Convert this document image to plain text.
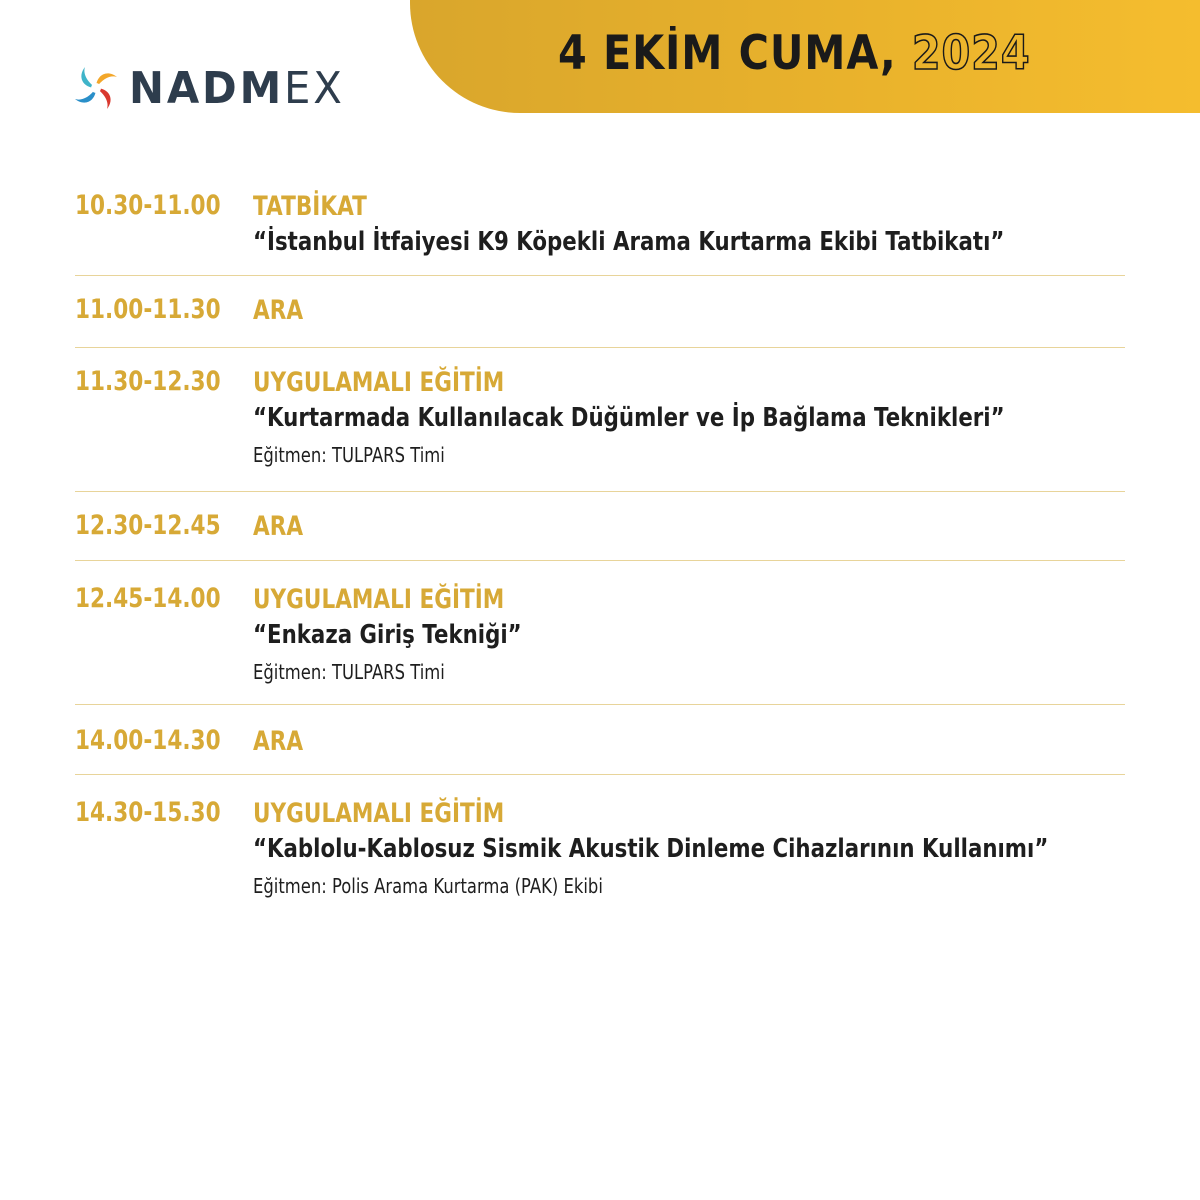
NADMEX
4 EKİM CUMA, 2024
10.30-11.00 TATBİKAT
“İstanbul İtfaiyesi K9 Köpekli Arama Kurtarma Ekibi Tatbikatı”
11.00-11.30 ARA
11.30-12.30 UYGULAMALI EĞİTİM
“Kurtarmada Kullanılacak Düğümler ve İp Bağlama Teknikleri”
Eğitmen: TULPARS Timi
12.30-12.45 ARA
12.45-14.00 UYGULAMALI EĞİTİM
“Enkaza Giriş Tekniği”
Eğitmen: TULPARS Timi
14.00-14.30 ARA
14.30-15.30 UYGULAMALI EĞİTİM
“Kablolu-Kablosuz Sismik Akustik Dinleme Cihazlarının Kullanımı”
Eğitmen: Polis Arama Kurtarma (PAK) Ekibi
